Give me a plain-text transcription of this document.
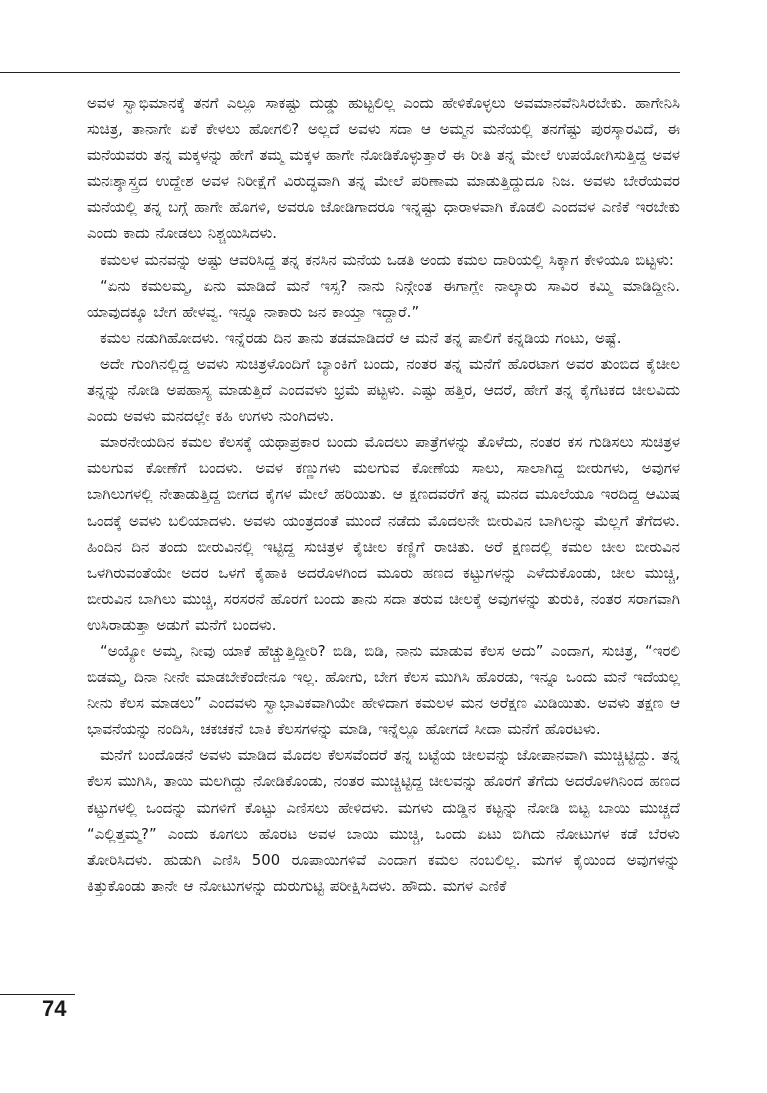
ಅವಳ ಸ್ವಾಭಿಮಾನಕ್ಕೆ ತನಗೆ ಎಲ್ಲೂ ಸಾಕಷ್ಟು ದುಡ್ಡು ಹುಟ್ಟಲಿಲ್ಲ ಎಂದು ಹೇಳಿಕೊಳ್ಳಲು ಅವಮಾನವೆನಿಸಿರಬೇಕು. ಹಾಗೇನಿಸಿ ಸುಚಿತ್ರ, ತಾನಾಗೇ ಏಕೆ ಕೇಳಲು ಹೋಗಲಿ? ಅಲ್ಲದೆ ಅವಳು ಸದಾ ಆ ಅಮ್ಮನ ಮನೆಯಲ್ಲಿ ತನಗೆಷ್ಟು ಪುರಸ್ಕಾರವಿದೆ, ಈ ಮನೆಯವರು ತನ್ನ ಮಕ್ಕಳನ್ನು ಹೇಗೆ ತಮ್ಮ ಮಕ್ಕಳ ಹಾಗೇ ನೋಡಿಕೊಳ್ಳುತ್ತಾರೆ ಈ ರೀತಿ ತನ್ನ ಮೇಲೆ ಉಪಯೋಗಿಸುತ್ತಿದ್ದ ಅವಳ ಮನಃಶ್ಶಾಸ್ತ್ರದ ಉದ್ದೇಶ ಅವಳ ನಿರೀಕ್ಷೆಗೆ ವಿರುದ್ಧವಾಗಿ ತನ್ನ ಮೇಲೆ ಪರಿಣಾಮ ಮಾಡುತ್ತಿದ್ದುದೂ ನಿಜ. ಅವಳು ಬೇರೆಯವರ ಮನೆಯಲ್ಲಿ ತನ್ನ ಬಗ್ಗೆ ಹಾಗೇ ಹೊಗಳಿ, ಅವರೂ ಜೋಡಿಗಾದರೂ ಇನ್ನಷ್ಟು ಧಾರಾಳವಾಗಿ ಕೊಡಲಿ ಎಂದವಳ ಎಣಿಕೆ ಇರಬೇಕು ಎಂದು ಕಾದು ನೋಡಲು ನಿಶ್ಚಯಿಸಿದಳು.

ಕಮಲಳ ಮನವನ್ನು ಅಷ್ಟು ಆವರಿಸಿದ್ದ ತನ್ನ ಕನಸಿನ ಮನೆಯ ಒಡತಿ ಅಂದು ಕಮಲ ದಾರಿಯಲ್ಲಿ ಸಿಕ್ಕಾಗ ಕೇಳಿಯೂ ಬಿಟ್ಟಳು:

“ಏನು ಕಮಲಮ್ಮ, ಏನು ಮಾಡಿದೆ ಮನೆ ಇಸ್ಸ? ನಾನು ನಿನ್ಗೇಂತ ಈಗಾಗ್ಲೇ ನಾಲ್ಕಾರು ಸಾವಿರ ಕಮ್ಮಿ ಮಾಡಿದ್ದೀನಿ. ಯಾವುದಕ್ಕೂ ಬೇಗ ಹೇಳವ್ವ. ಇನ್ನೂ ನಾಕಾರು ಜನ ಕಾಯ್ತಾ ಇದ್ದಾರೆ.”

ಕಮಲ ನಡುಗಿಹೋದಳು. ಇನ್ನೆರಡು ದಿನ ತಾನು ತಡಮಾಡಿದರೆ ಆ ಮನೆ ತನ್ನ ಪಾಲಿಗೆ ಕನ್ನಡಿಯ ಗಂಟು, ಅಷ್ಟೆ.

ಅದೇ ಗುಂಗಿನಲ್ಲಿದ್ದ ಅವಳು ಸುಚಿತ್ರಳೊಂದಿಗೆ ಬ್ಯಾಂಕಿಗೆ ಬಂದು, ನಂತರ ತನ್ನ ಮನೆಗೆ ಹೊರಟಾಗ ಅವರ ತುಂಬಿದ ಕೈಚೀಲ ತನ್ನನ್ನು ನೋಡಿ ಅಪಹಾಸ್ಯ ಮಾಡುತ್ತಿದೆ ಎಂದವಳು ಭ್ರಮೆ ಪಟ್ಟಳು. ಎಷ್ಟು ಹತ್ತಿರ, ಆದರೆ, ಹೇಗೆ ತನ್ನ ಕೈಗೆಟಕದ ಚೀಲವಿದು ಎಂದು ಅವಳು ಮನದಲ್ಲೇ ಕಹಿ ಉಗಳು ನುಂಗಿದಳು.

ಮಾರನೇಯದಿನ ಕಮಲ ಕೆಲಸಕ್ಕೆ ಯಥಾಪ್ರಕಾರ ಬಂದು ಮೊದಲು ಪಾತ್ರೆಗಳನ್ನು ತೊಳೆದು, ನಂತರ ಕಸ ಗುಡಿಸಲು ಸುಚಿತ್ರಳ ಮಲಗುವ ಕೋಣೆಗೆ ಬಂದಳು. ಅವಳ ಕಣ್ಣುಗಳು ಮಲಗುವ ಕೋಣೆಯ ಸಾಲು, ಸಾಲಾಗಿದ್ದ ಬೀರುಗಳು, ಅವುಗಳ ಬಾಗಿಲುಗಳಲ್ಲಿ ನೇತಾಡುತ್ತಿದ್ದ ಬೀಗದ ಕೈಗಳ ಮೇಲೆ ಹರಿಯಿತು. ಆ ಕ್ಷಣದವರೆಗೆ ತನ್ನ ಮನದ ಮೂಲೆಯೂ ಇರದಿದ್ದ ಆಮಿಷ ಒಂದಕ್ಕೆ ಅವಳು ಬಲಿಯಾದಳು. ಅವಳು ಯಂತ್ರದಂತೆ ಮುಂದೆ ನಡೆದು ಮೊದಲನೇ ಬೀರುವಿನ ಬಾಗಿಲನ್ನು ಮೆಲ್ಲಗೆ ತೆಗೆದಳು. ಹಿಂದಿನ ದಿನ ತಂದು ಬೀರುವಿನಲ್ಲಿ ಇಟ್ಟಿದ್ದ ಸುಚಿತ್ರಳ ಕೈಚೀಲ ಕಣ್ಣಿಗೆ ರಾಚಿತು. ಅರೆ ಕ್ಷಣದಲ್ಲಿ ಕಮಲ ಚೀಲ ಬೀರುವಿನ ಒಳಗಿರುವಂತೆಯೇ ಅದರ ಒಳಗೆ ಕೈಹಾಕಿ ಅದರೊಳಗಿಂದ ಮೂರು ಹಣದ ಕಟ್ಟುಗಳನ್ನು ಎಳೆದುಕೊಂಡು, ಚೀಲ ಮುಚ್ಚಿ, ಬೀರುವಿನ ಬಾಗಿಲು ಮುಚ್ಚಿ, ಸರಸರನೆ ಹೊರಗೆ ಬಂದು ತಾನು ಸದಾ ತರುವ ಚೀಲಕ್ಕೆ ಅವುಗಳನ್ನು ತುರುಕಿ, ನಂತರ ಸರಾಗವಾಗಿ ಉಸಿರಾಡುತ್ತಾ ಅಡುಗೆ ಮನೆಗೆ ಬಂದಳು.

“ಅಯ್ಯೋ ಅಮ್ಮ, ನೀವು ಯಾಕೆ ಹೆಚ್ಚುತ್ತಿದ್ದೀರಿ? ಬಿಡಿ, ಬಿಡಿ, ನಾನು ಮಾಡುವ ಕೆಲಸ ಅದು” ಎಂದಾಗ, ಸುಚಿತ್ರ, “ಇರಲಿ ಬಿಡಮ್ಮ, ದಿನಾ ನೀನೇ ಮಾಡಬೇಕೆಂದೇನೂ ಇಲ್ಲ. ಹೋಗು, ಬೇಗ ಕೆಲಸ ಮುಗಿಸಿ ಹೊರಡು, ಇನ್ನೂ ಒಂದು ಮನೆ ಇದೆಯಲ್ಲ ನೀನು ಕೆಲಸ ಮಾಡಲು” ಎಂದವಳು ಸ್ವಾಭಾವಿಕವಾಗಿಯೇ ಹೇಳಿದಾಗ ಕಮಲಳ ಮನ ಅರೆಕ್ಷಣ ಮಿಡಿಯಿತು. ಅವಳು ತಕ್ಷಣ ಆ ಭಾವನೆಯನ್ನು ನಂದಿಸಿ, ಚಕಚಕನೆ ಬಾಕಿ ಕೆಲಸಗಳನ್ನು ಮಾಡಿ, ಇನ್ನೆಲ್ಲೂ ಹೋಗದೆ ಸೀದಾ ಮನೆಗೆ ಹೊರಟಳು.

ಮನೆಗೆ ಬಂದೊಡನೆ ಅವಳು ಮಾಡಿದ ಮೊದಲ ಕೆಲಸವೆಂದರೆ ತನ್ನ ಬಟ್ಟೆಯ ಚೀಲವನ್ನು ಜೋಪಾನವಾಗಿ ಮುಚ್ಚಿಟ್ಟಿದ್ದು. ತನ್ನ ಕೆಲಸ ಮುಗಿಸಿ, ತಾಯಿ ಮಲಗಿದ್ದು ನೋಡಿಕೊಂಡು, ನಂತರ ಮುಚ್ಚಿಟ್ಟಿದ್ದ ಚೀಲವನ್ನು ಹೊರಗೆ ತೆಗೆದು ಅದರೊಳಗಿನಿಂದ ಹಣದ ಕಟ್ಟುಗಳಲ್ಲಿ ಒಂದನ್ನು ಮಗಳಿಗೆ ಕೊಟ್ಟು ಎಣಿಸಲು ಹೇಳಿದಳು. ಮಗಳು ದುಡ್ಡಿನ ಕಟ್ಟನ್ನು ನೋಡಿ ಬಿಟ್ಟ ಬಾಯಿ ಮುಚ್ಚದೆ “ಎಲ್ಲಿತ್ತಮ್ಮ?” ಎಂದು ಕೂಗಲು ಹೊರಟ ಅವಳ ಬಾಯಿ ಮುಚ್ಚಿ, ಒಂದು ಏಟು ಬಿಗಿದು ನೋಟುಗಳ ಕಡೆ ಬೆರಳು ತೋರಿಸಿದಳು. ಹುಡುಗಿ ಎಣಿಸಿ 500 ರೂಪಾಯಿಗಳಿವೆ ಎಂದಾಗ ಕಮಲ ನಂಬಲಿಲ್ಲ. ಮಗಳ ಕೈಯಿಂದ ಅವುಗಳನ್ನು ಕಿತ್ತುಕೊಂಡು ತಾನೇ ಆ ನೋಟುಗಳನ್ನು ದುರುಗುಟ್ಟಿ ಪರೀಕ್ಷಿಸಿದಳು. ಹೌದು. ಮಗಳ ಎಣಿಕೆ

74
